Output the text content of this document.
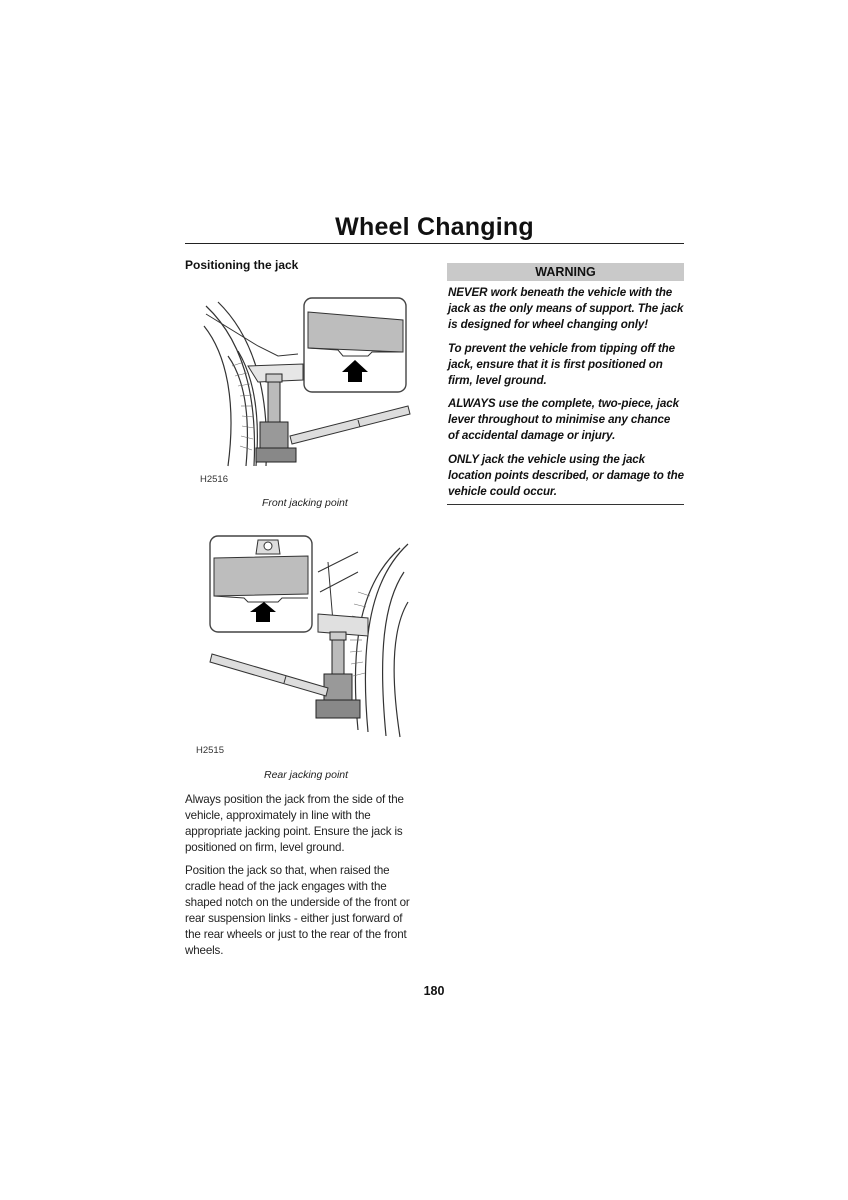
Wheel Changing
Positioning the jack
H2516
Front jacking point
H2515
Rear jacking point
Always position the jack from the side of the vehicle, approximately in line with the appropriate jacking point. Ensure the jack is positioned on firm, level ground.
Position the jack so that, when raised the cradle head of the jack engages with the shaped notch on the underside of the front or rear suspension links - either just forward of the rear wheels or just to the rear of the front wheels.
WARNING
NEVER work beneath the vehicle with the jack as the only means of support. The jack is designed for wheel changing only!
To prevent the vehicle from tipping off the jack, ensure that it is first positioned on firm, level ground.
ALWAYS use the complete, two-piece, jack lever throughout to minimise any chance of accidental damage or injury.
ONLY jack the vehicle using the jack location points described, or damage to the vehicle could occur.
180
